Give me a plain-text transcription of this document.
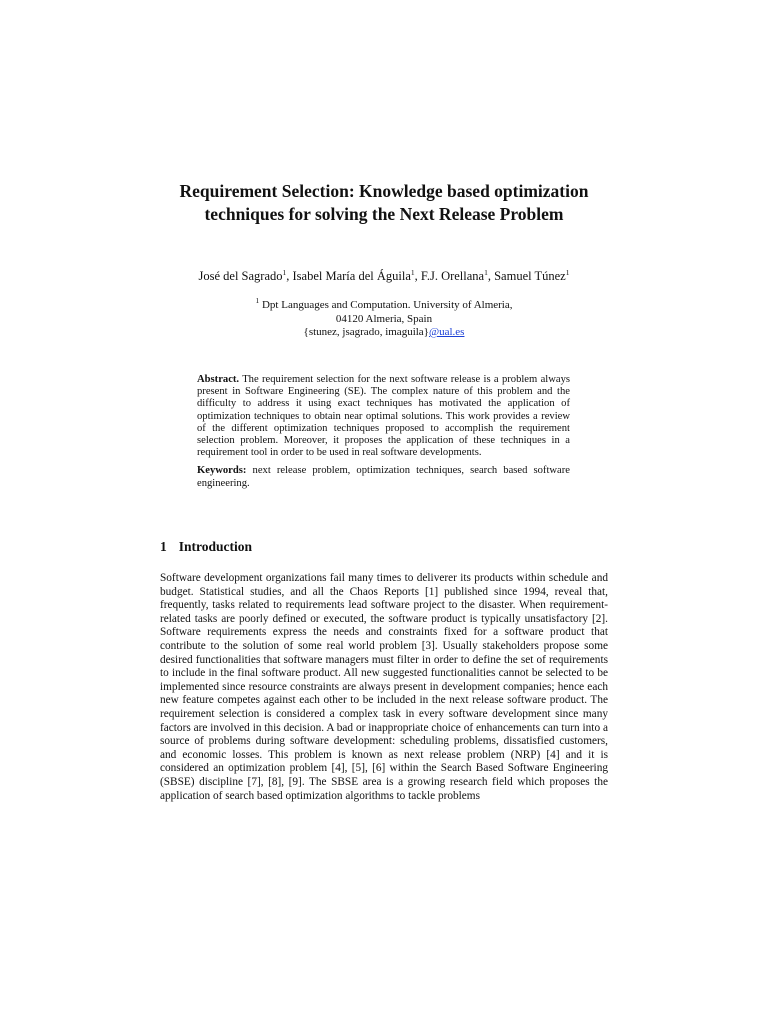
Requirement Selection: Knowledge based optimization
techniques for solving the Next Release Problem
José del Sagrado$^1$, Isabel María del Águila$^1$, F.J. Orellana$^1$, Samuel Túnez$^1$
$^1$ Dpt Languages and Computation. University of Almeria,
04120 Almeria, Spain
{stunez, jsagrado, imaguila}@ual.es

Abstract. The requirement selection for the next software release is a problem always present in Software Engineering (SE). The complex nature of this problem and the difficulty to address it using exact techniques has motivated the application of optimization techniques to obtain near optimal solutions. This work provides a review of the different optimization techniques proposed to accomplish the requirement selection problem. Moreover, it proposes the application of these techniques in a requirement tool in order to be used in real software developments.

Keywords: next release problem, optimization techniques, search based software engineering.

1 Introduction

Software development organizations fail many times to deliverer its products within schedule and budget. Statistical studies, and all the Chaos Reports [1] published since 1994, reveal that, frequently, tasks related to requirements lead software project to the disaster. When requirement-related tasks are poorly defined or executed, the software product is typically unsatisfactory [2]. Software requirements express the needs and constraints fixed for a software product that contribute to the solution of some real world problem [3]. Usually stakeholders propose some desired functionalities that software managers must filter in order to define the set of requirements to include in the final software product. All new suggested functionalities cannot be selected to be implemented since resource constraints are always present in development companies; hence each new feature competes against each other to be included in the next release software product. The requirement selection is considered a complex task in every software development since many factors are involved in this decision. A bad or inappropriate choice of enhancements can turn into a source of problems during software development: scheduling problems, dissatisfied customers, and economic losses. This problem is known as next release problem (NRP) [4] and it is considered an optimization problem [4], [5], [6] within the Search Based Software Engineering (SBSE) discipline [7], [8], [9]. The SBSE area is a growing research field which proposes the application of search based optimization algorithms to tackle problems
